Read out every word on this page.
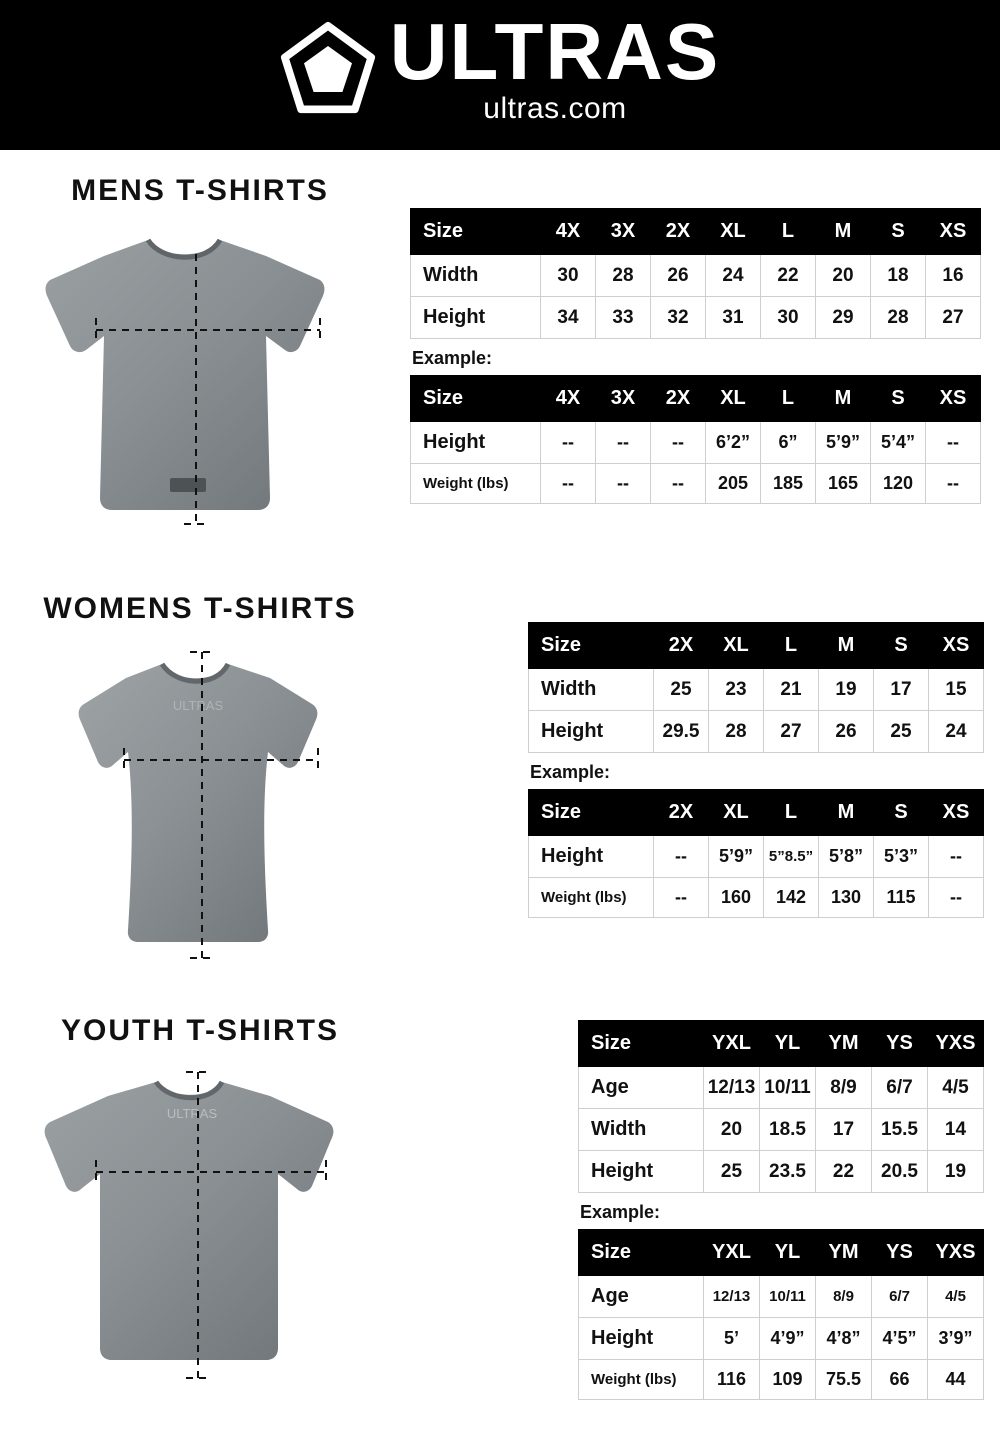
ULTRAS
ultras.com
MENS T-SHIRTS
Size	4X	3X	2X	XL	L	M	S	XS
Width	30	28	26	24	22	20	18	16
Height	34	33	32	31	30	29	28	27
Example:
Size	4X	3X	2X	XL	L	M	S	XS
Height	--	--	--	6’2”	6”	5’9”	5’4”	--

Weight (lbs)	--	--	--	205	185	165	120	--
WOMENS T-SHIRTS
ULTRAS
Size	2X	XL	L	M	S	XS
Width	25	23	21	19	17	15
Height	29.5	28	27	26	25	24
Example:
Size	2X	XL	L	M	S	XS
Height	--	5’9”	5”8.5”	5’8”	5’3”	--

Weight (lbs)	--	160	142	130	115	--
YOUTH T-SHIRTS
ULTRAS
Size	YXL	YL	YM	YS	YXS
Age	12/13	10/11	8/9	6/7	4/5
Width	20	18.5	17	15.5	14
Height	25	23.5	22	20.5	19
Example:
Size	YXL	YL	YM	YS	YXS
Age	12/13	10/11	8/9	6/7	4/5
Height	5’	4’9”	4’8”	4’5”	3’9”

Weight (lbs)	116	109	75.5	66	44
